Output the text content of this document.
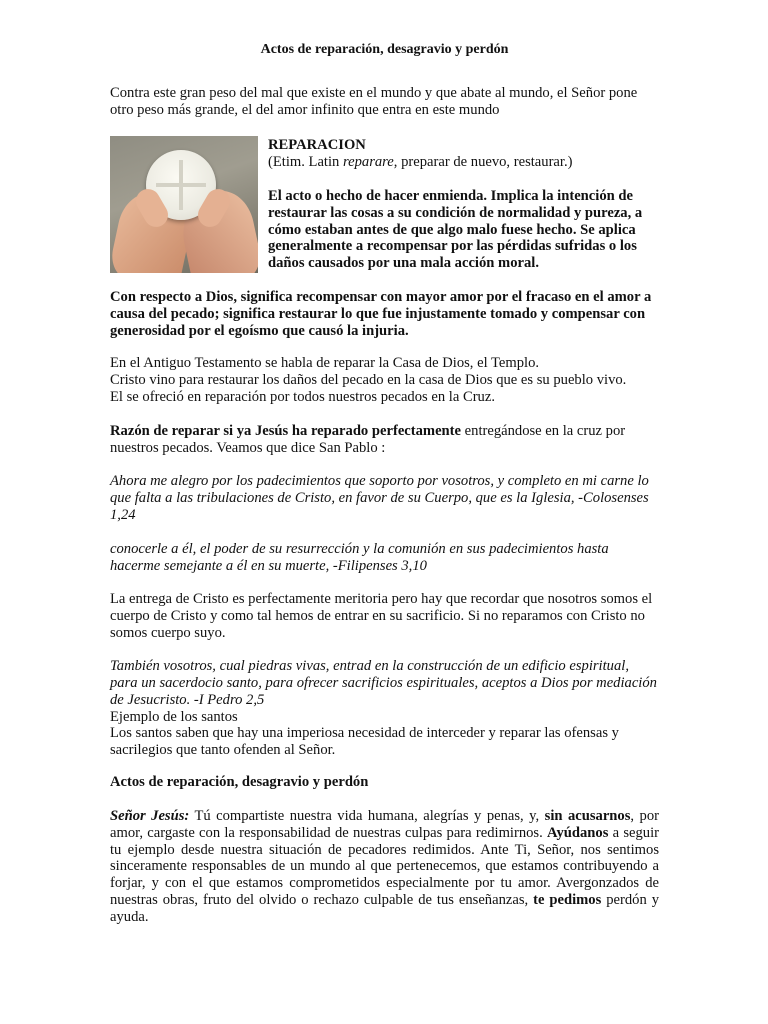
Actos de reparación, desagravio y perdón

Contra este gran peso del mal que existe en el mundo y que abate al mundo, el Señor pone otro peso más grande, el del amor infinito que entra en este mundo

REPARACION

(Etim. Latin reparare, preparar de nuevo, restaurar.)

El acto o hecho de hacer enmienda. Implica la intención de restaurar las cosas a su condición de normalidad y pureza, a cómo estaban antes de que algo malo fuese hecho. Se aplica generalmente a recompensar por las pérdidas sufridas o los daños causados por una mala acción moral.

Con respecto a Dios, significa recompensar con mayor amor por el fracaso en el amor a causa del pecado; significa restaurar lo que fue injustamente tomado y compensar con generosidad por el egoísmo que causó la injuria.

En el Antiguo Testamento se habla de reparar la Casa de Dios, el Templo.

Cristo vino para restaurar los daños del pecado en la casa de Dios que es su pueblo vivo.

El se ofreció en reparación por todos nuestros pecados en la Cruz.

Razón de reparar si ya Jesús ha reparado perfectamente entregándose en la cruz por nuestros pecados. Veamos que dice San Pablo :

Ahora me alegro por los padecimientos que soporto por vosotros, y completo en mi carne lo que falta a las tribulaciones de Cristo, en favor de su Cuerpo, que es la Iglesia, -Colosenses 1,24

conocerle a él, el poder de su resurrección y la comunión en sus padecimientos hasta hacerme semejante a él en su muerte, -Filipenses 3,10

La entrega de Cristo es perfectamente meritoria pero hay que recordar que nosotros somos el cuerpo de Cristo y como tal hemos de entrar en su sacrificio. Si no reparamos con Cristo no somos cuerpo suyo.

También vosotros, cual piedras vivas, entrad en la construcción de un edificio espiritual, para un sacerdocio santo, para ofrecer sacrificios espirituales, aceptos a Dios por mediación de Jesucristo. -I Pedro 2,5

Ejemplo de los santos

Los santos saben que hay una imperiosa necesidad de interceder y reparar las ofensas y sacrilegios que tanto ofenden al Señor.

Actos de reparación, desagravio y perdón

Señor Jesús: Tú compartiste nuestra vida humana, alegrías y penas, y, sin acusarnos, por amor, cargaste con la responsabilidad de nuestras culpas para redimirnos. Ayúdanos a seguir tu ejemplo desde nuestra situación de pecadores redimidos. Ante Ti, Señor, nos sentimos sinceramente responsables de un mundo al que pertenecemos, que estamos contribuyendo a forjar, y con el que estamos comprometidos especialmente por tu amor. Avergonzados de nuestras obras, fruto del olvido o rechazo culpable de tus enseñanzas, te pedimos perdón y ayuda.
